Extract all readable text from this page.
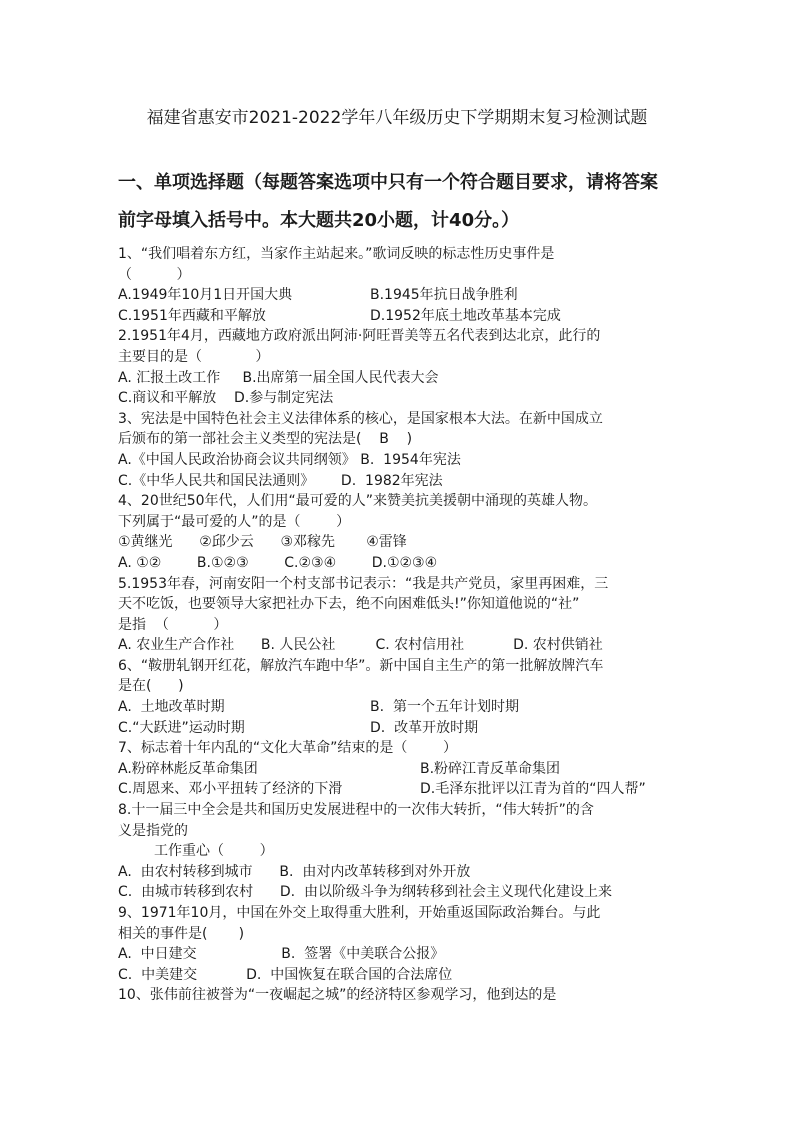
福建省惠安市2021-2022学年八年级历史下学期期末复习检测试题
一、单项选择题（每题答案选项中只有一个符合题目要求，请将答案
前字母填入括号中。本大题共20小题，计40分。）
1、“我们唱着东方红，当家作主站起来。”歌词反映的标志性历史事件是
（          ）
A.1949年10月1日开国大典	B.1945年抗日战争胜利
C.1951年西藏和平解放	D.1952年底土地改革基本完成
2.1951年4月，西藏地方政府派出阿沛·阿旺晋美等五名代表到达北京，此行的
主要目的是（            ）
A. 汇报土改工作     B.出席第一届全国人民代表大会
C.商议和平解放    D.参与制定宪法
3、宪法是中国特色社会主义法律体系的核心，是国家根本大法。在新中国成立
后颁布的第一部社会主义类型的宪法是(    B    )
A.《中国人民政治协商会议共同纲领》 B.  1954年宪法
C.《中华人民共和国民法通则》      D.  1982年宪法
4、20世纪50年代，人们用“最可爱的人”来赞美抗美援朝中涌现的英雄人物。
下列属于“最可爱的人”的是（        ）
①黄继光      ②邱少云      ③邓稼先       ④雷锋
A. ①②        B.①②③        C.②③④        D.①②③④
5.1953年春，河南安阳一个村支部书记表示：“我是共产党员，家里再困难，三
天不吃饭，也要领导大家把社办下去，绝不向困难低头!”你知道他说的“社”
是指  （          ）
A. 农业生产合作社      B. 人民公社         C. 农村信用社           D. 农村供销社
6、“鞍册轧钢开红花，解放汽车跑中华”。新中国自主生产的第一批解放牌汽车
是在(      )
A.  土地改革时期	B.  第一个五年计划时期
C.“大跃进”运动时期	D.  改革开放时期
7、标志着十年内乱的“文化大革命”结束的是（        ）
A.粉碎林彪反革命集团	B.粉碎江青反革命集团
C.周恩来、邓小平扭转了经济的下滑	D.毛泽东批评以江青为首的“四人帮”
8.十一届三中全会是共和国历史发展进程中的一次伟大转折，“伟大转折”的含
义是指党的
工作重心（        ）
A.  由农村转移到城市      B.  由对内改革转移到对外开放
C.  由城市转移到农村      D.  由以阶级斗争为纲转移到社会主义现代化建设上来
9、1971年10月，中国在外交上取得重大胜利，开始重返国际政治舞台。与此
相关的事件是(       )
A.  中日建交                   B.  签署《中美联合公报》
C.  中美建交           D.  中国恢复在联合国的合法席位
10、张伟前往被誉为“一夜崛起之城”的经济特区参观学习，他到达的是
